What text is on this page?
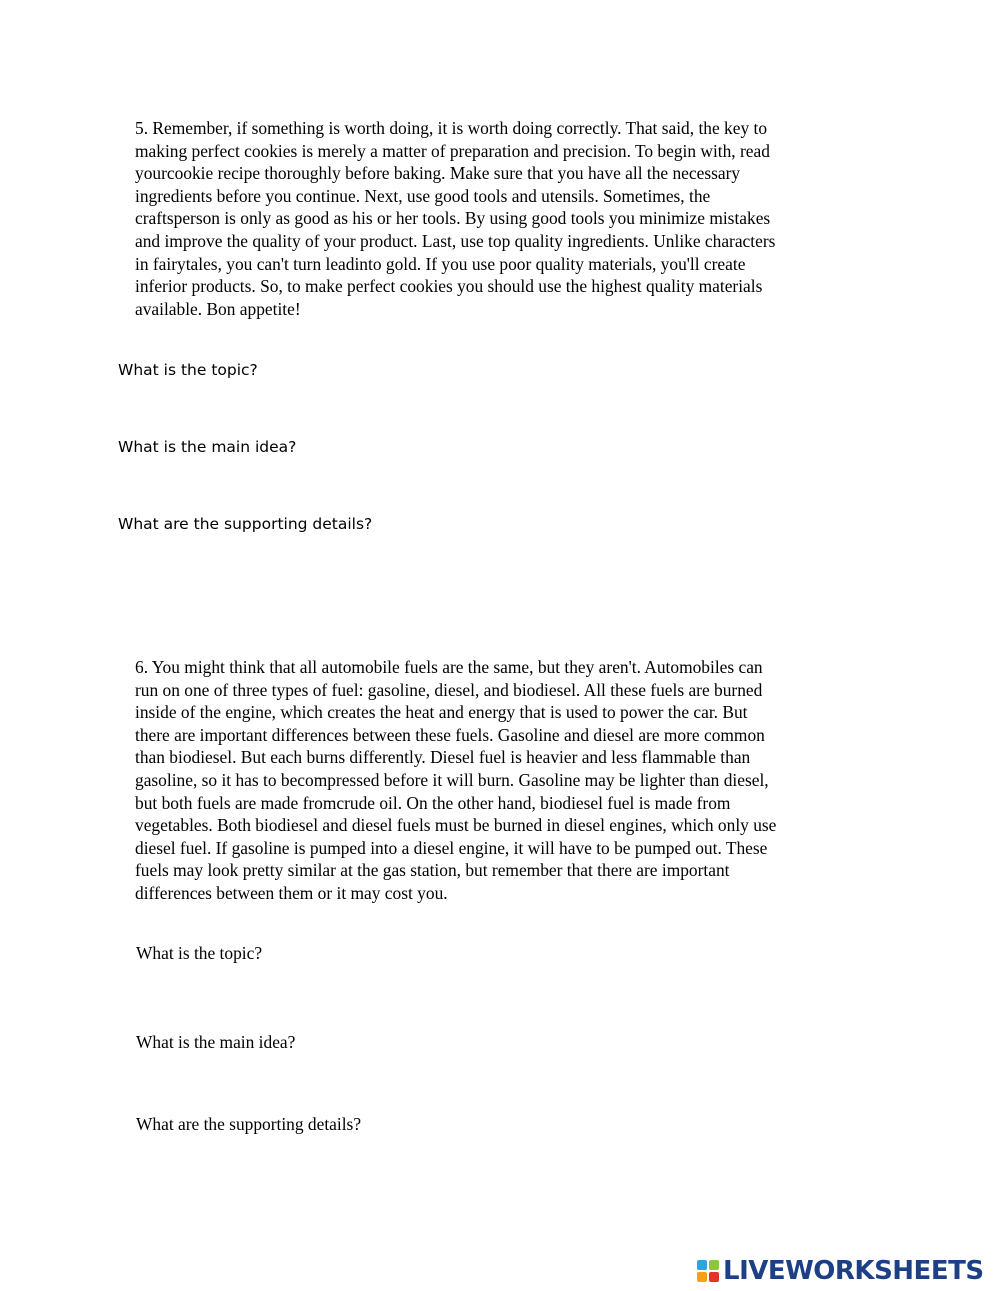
5. Remember, if something is worth doing, it is worth doing correctly. That said, the key to
making perfect cookies is merely a matter of preparation and precision. To begin with, read
yourcookie recipe thoroughly before baking. Make sure that you have all the necessary
ingredients before you continue. Next, use good tools and utensils. Sometimes, the
craftsperson is only as good as his or her tools. By using good tools you minimize mistakes
and improve the quality of your product. Last, use top quality ingredients. Unlike characters
in fairytales, you can't turn leadinto gold. If you use poor quality materials, you'll create
inferior products. So, to make perfect cookies you should use the highest quality materials
available. Bon appetite!

What is the topic?

What is the main idea?

What are the supporting details?

6. You might think that all automobile fuels are the same, but they aren't. Automobiles can
run on one of three types of fuel: gasoline, diesel, and biodiesel. All these fuels are burned
inside of the engine, which creates the heat and energy that is used to power the car. But
there are important differences between these fuels. Gasoline and diesel are more common
than biodiesel. But each burns differently. Diesel fuel is heavier and less flammable than
gasoline, so it has to becompressed before it will burn. Gasoline may be lighter than diesel,
but both fuels are made fromcrude oil. On the other hand, biodiesel fuel is made from
vegetables. Both biodiesel and diesel fuels must be burned in diesel engines, which only use
diesel fuel. If gasoline is pumped into a diesel engine, it will have to be pumped out. These
fuels may look pretty similar at the gas station, but remember that there are important
differences between them or it may cost you.

What is the topic?

What is the main idea?

What are the supporting details?

LIVEWORKSHEETS
